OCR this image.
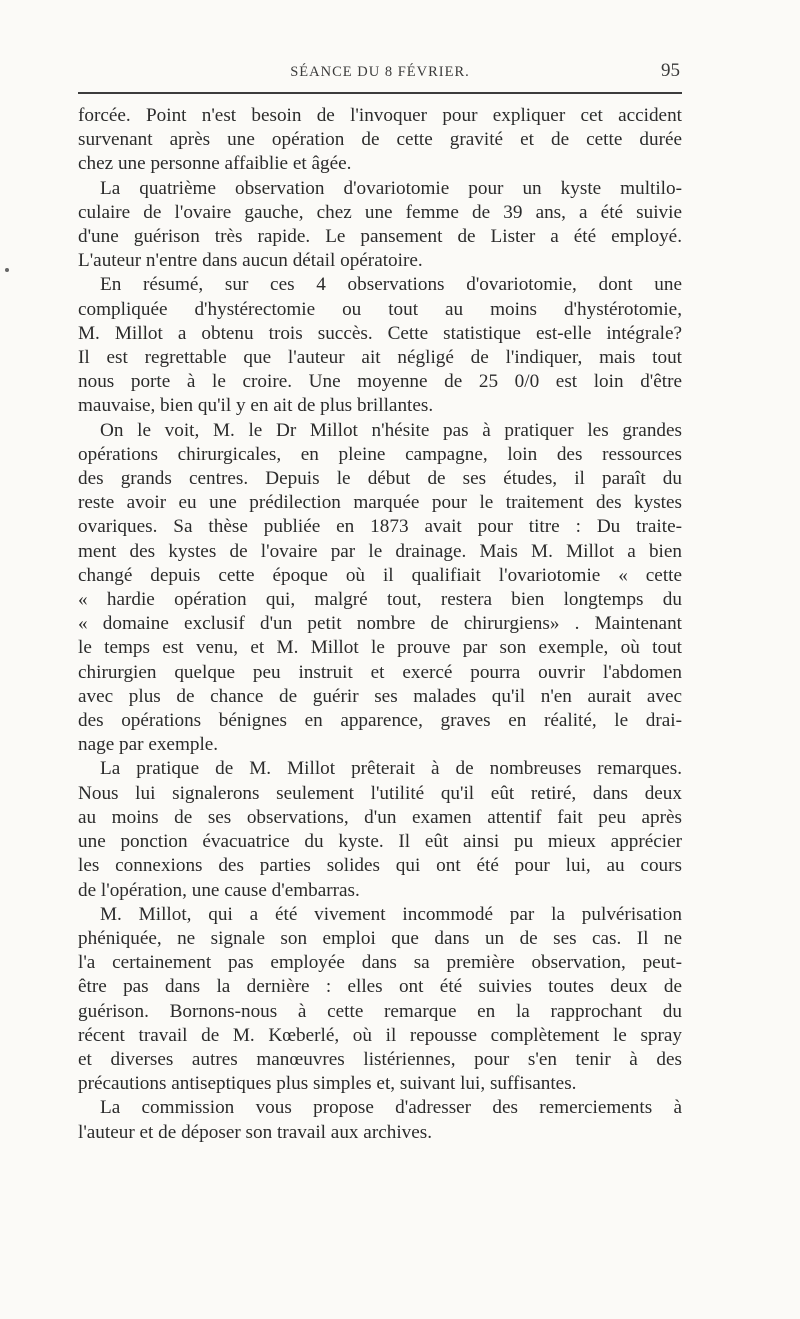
SÉANCE DU 8 FÉVRIER.	95
forcée. Point n'est besoin de l'invoquer pour expliquer cet accident
survenant après une opération de cette gravité et de cette durée
chez une personne affaiblie et âgée.
La quatrième observation d'ovariotomie pour un kyste multilo-
culaire de l'ovaire gauche, chez une femme de 39 ans, a été suivie
d'une guérison très rapide. Le pansement de Lister a été employé.
L'auteur n'entre dans aucun détail opératoire.
En résumé, sur ces 4 observations d'ovariotomie, dont une
compliquée d'hystérectomie ou tout au moins d'hystérotomie,
M. Millot a obtenu trois succès. Cette statistique est-elle intégrale?
Il est regrettable que l'auteur ait négligé de l'indiquer, mais tout
nous porte à le croire. Une moyenne de 25 0/0 est loin d'être
mauvaise, bien qu'il y en ait de plus brillantes.
On le voit, M. le Dr Millot n'hésite pas à pratiquer les grandes
opérations chirurgicales, en pleine campagne, loin des ressources
des grands centres. Depuis le début de ses études, il paraît du
reste avoir eu une prédilection marquée pour le traitement des kystes
ovariques. Sa thèse publiée en 1873 avait pour titre : Du traite-
ment des kystes de l'ovaire par le drainage. Mais M. Millot a bien
changé depuis cette époque où il qualifiait l'ovariotomie « cette
« hardie opération qui, malgré tout, restera bien longtemps du
« domaine exclusif d'un petit nombre de chirurgiens» . Maintenant
le temps est venu, et M. Millot le prouve par son exemple, où tout
chirurgien quelque peu instruit et exercé pourra ouvrir l'abdomen
avec plus de chance de guérir ses malades qu'il n'en aurait avec
des opérations bénignes en apparence, graves en réalité, le drai-
nage par exemple.
La pratique de M. Millot prêterait à de nombreuses remarques.
Nous lui signalerons seulement l'utilité qu'il eût retiré, dans deux
au moins de ses observations, d'un examen attentif fait peu après
une ponction évacuatrice du kyste. Il eût ainsi pu mieux apprécier
les connexions des parties solides qui ont été pour lui, au cours
de l'opération, une cause d'embarras.
M. Millot, qui a été vivement incommodé par la pulvérisation
phéniquée, ne signale son emploi que dans un de ses cas. Il ne
l'a certainement pas employée dans sa première observation, peut-
être pas dans la dernière : elles ont été suivies toutes deux de
guérison. Bornons-nous à cette remarque en la rapprochant du
récent travail de M. Kœberlé, où il repousse complètement le spray
et diverses autres manœuvres listériennes, pour s'en tenir à des
précautions antiseptiques plus simples et, suivant lui, suffisantes.
La commission vous propose d'adresser des remerciements à
l'auteur et de déposer son travail aux archives.
